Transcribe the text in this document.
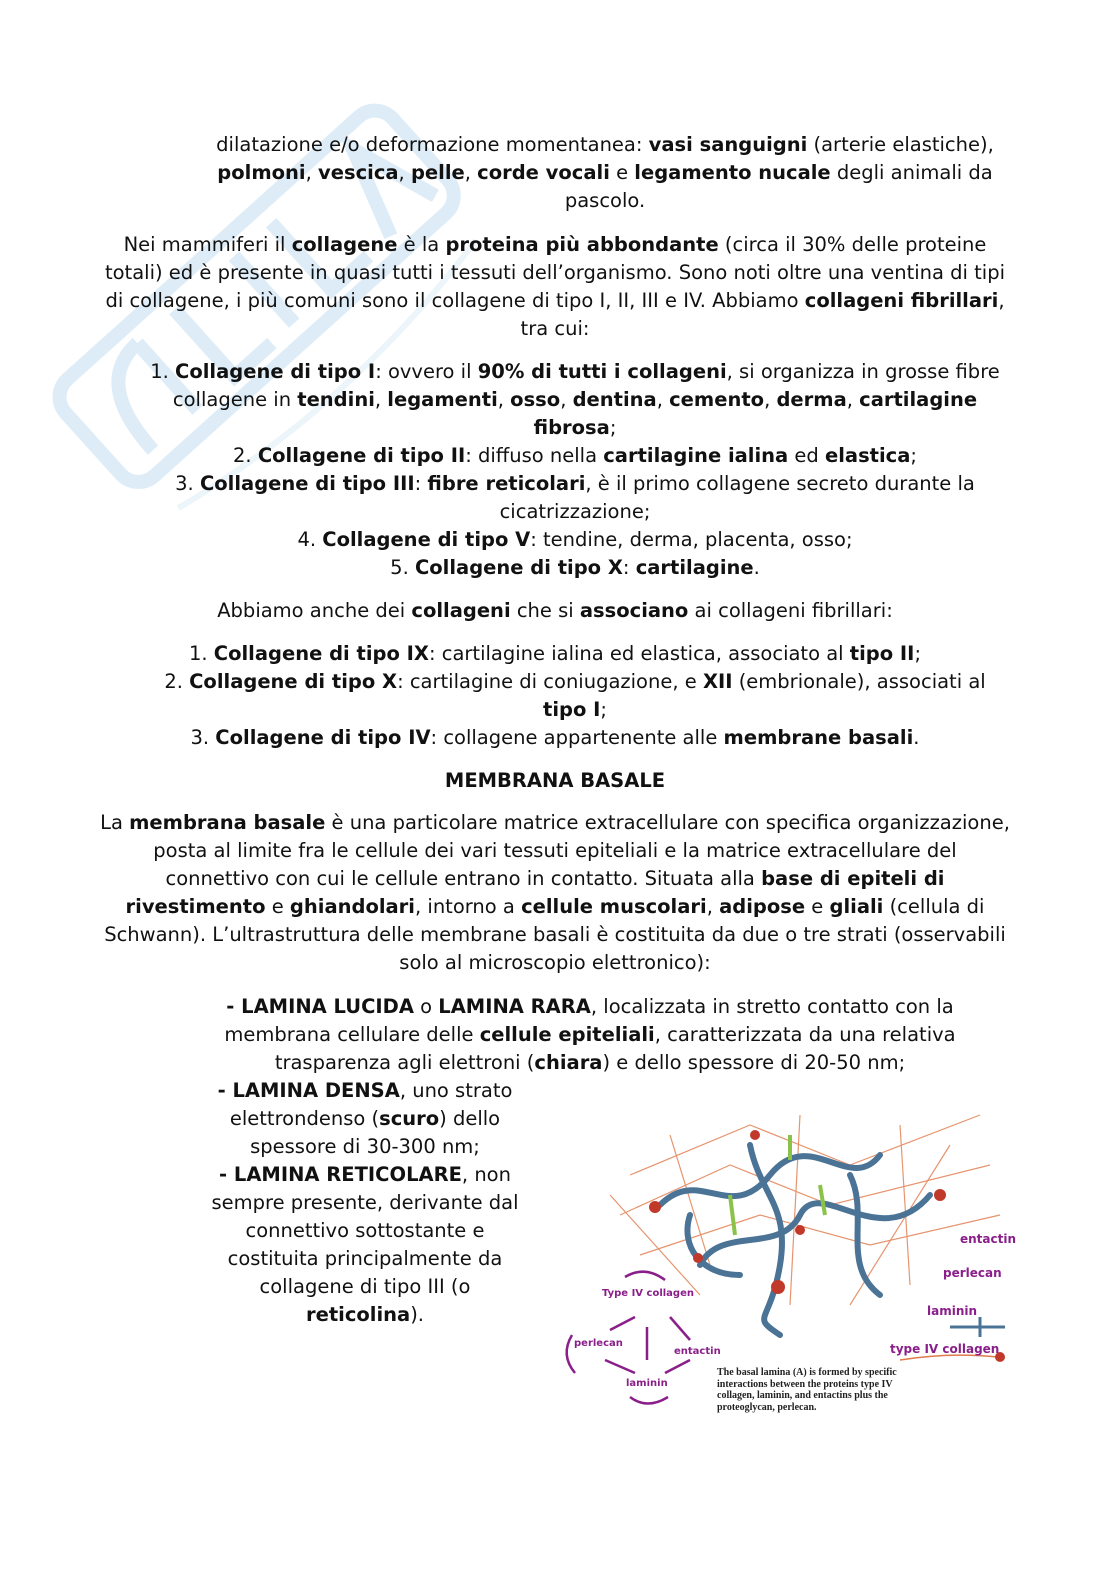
dilatazione e/o deformazione momentanea: vasi sanguigni (arterie elastiche), polmoni, vescica, pelle, corde vocali e legamento nucale degli animali da pascolo.
Nei mammiferi il collagene è la proteina più abbondante (circa il 30% delle proteine totali) ed è presente in quasi tutti i tessuti dell’organismo. Sono noti oltre una ventina di tipi di collagene, i più comuni sono il collagene di tipo I, II, III e IV. Abbiamo collageni fibrillari, tra cui:
1. Collagene di tipo I: ovvero il 90% di tutti i collageni, si organizza in grosse fibre collagene in tendini, legamenti, osso, dentina, cemento, derma, cartilagine fibrosa;
2. Collagene di tipo II: diffuso nella cartilagine ialina ed elastica;
3. Collagene di tipo III: fibre reticolari, è il primo collagene secreto durante la cicatrizzazione;
4. Collagene di tipo V: tendine, derma, placenta, osso;
5. Collagene di tipo X: cartilagine.
Abbiamo anche dei collageni che si associano ai collageni fibrillari:
1. Collagene di tipo IX: cartilagine ialina ed elastica, associato al tipo II;
2. Collagene di tipo X: cartilagine di coniugazione, e XII (embrionale), associati al tipo I;
3. Collagene di tipo IV: collagene appartenente alle membrane basali.
MEMBRANA BASALE
La membrana basale è una particolare matrice extracellulare con specifica organizzazione, posta al limite fra le cellule dei vari tessuti epiteliali e la matrice extracellulare del connettivo con cui le cellule entrano in contatto. Situata alla base di epiteli di rivestimento e ghiandolari, intorno a cellule muscolari, adipose e gliali (cellula di Schwann). L’ultrastruttura delle membrane basali è costituita da due o tre strati (osservabili solo al microscopio elettronico):
- LAMINA LUCIDA o LAMINA RARA, localizzata in stretto contatto con la membrana cellulare delle cellule epiteliali, caratterizzata da una relativa trasparenza agli elettroni (chiara) e dello spessore di 20-50 nm;
- LAMINA DENSA, uno strato elettrondenso (scuro) dello spessore di 30-300 nm;
- LAMINA RETICOLARE, non sempre presente, derivante dal connettivo sottostante e costituita principalmente da collagene di tipo III (o reticolina).
entactin
perlecan
laminin
type IV collagen
Type IV collagen
perlecan
entactin
laminin
The basal lamina (A) is formed by specific interactions between the proteins type IV collagen, laminin, and entactins plus the proteoglycan, perlecan.
